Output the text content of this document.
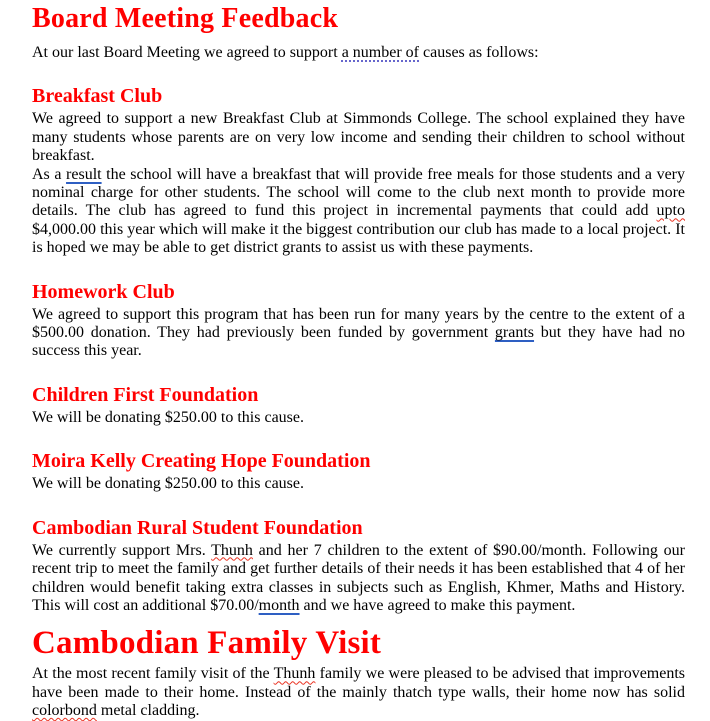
Board Meeting Feedback

At our last Board Meeting we agreed to support a number of causes as follows:

Breakfast Club

We agreed to support a new Breakfast Club at Simmonds College. The school explained they have many students whose parents are on very low income and sending their children to school without breakfast.

As a result the school will have a breakfast that will provide free meals for those students and a very nominal charge for other students. The school will come to the club next month to provide more details. The club has agreed to fund this project in incremental payments that could add upto $4,000.00 this year which will make it the biggest contribution our club has made to a local project. It is hoped we may be able to get district grants to assist us with these payments.

Homework Club

We agreed to support this program that has been run for many years by the centre to the extent of a $500.00 donation. They had previously been funded by government grants but they have had no success this year.

Children First Foundation

We will be donating $250.00 to this cause.

Moira Kelly Creating Hope Foundation

We will be donating $250.00 to this cause.

Cambodian Rural Student Foundation

We currently support Mrs. Thunh and her 7 children to the extent of $90.00/month. Following our recent trip to meet the family and get further details of their needs it has been established that 4 of her children would benefit taking extra classes in subjects such as English, Khmer, Maths and History. This will cost an additional $70.00/month and we have agreed to make this payment.

Cambodian Family Visit

At the most recent family visit of the Thunh family we were pleased to be advised that improvements have been made to their home. Instead of the mainly thatch type walls, their home now has solid colorbond metal cladding.
